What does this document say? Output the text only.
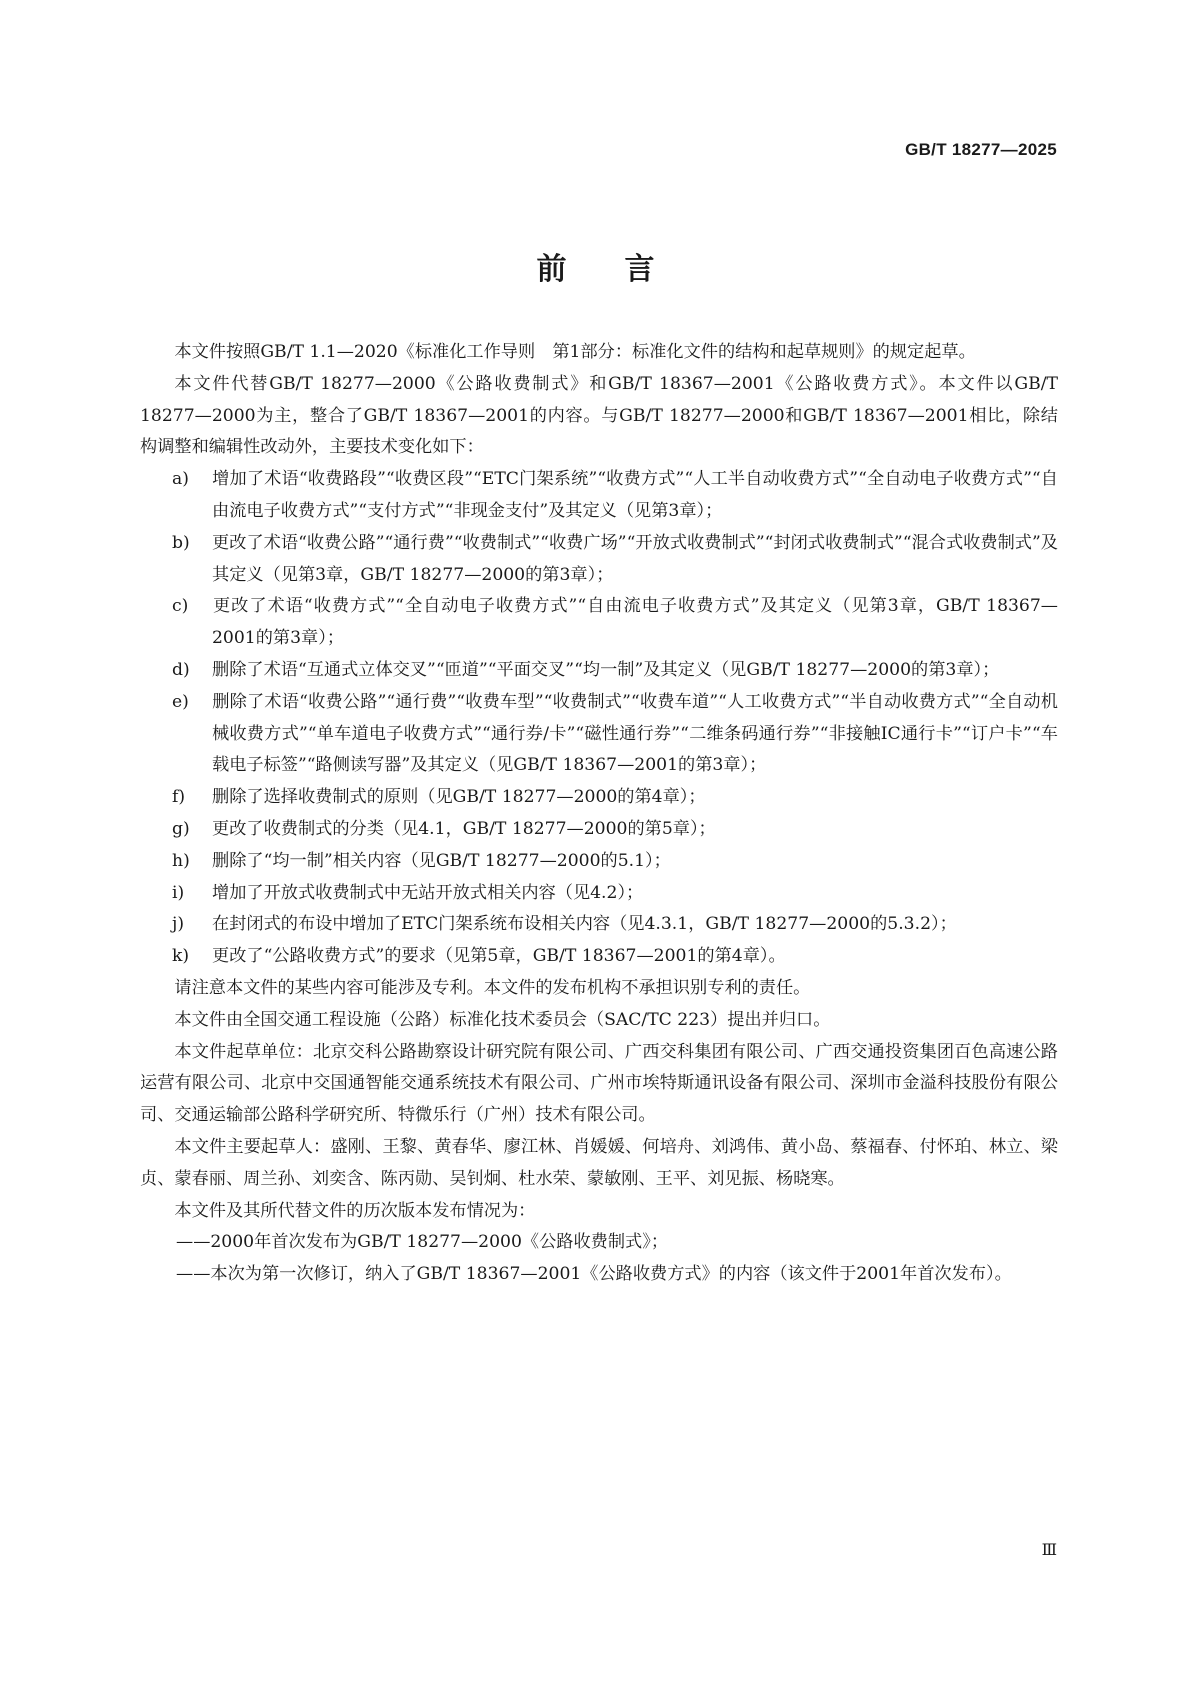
GB/T 18277—2025
前言

本文件按照GB/T 1.1—2020《标准化工作导则　第1部分：标准化文件的结构和起草规则》的规定起草。

本文件代替GB/T 18277—2000《公路收费制式》和GB/T 18367—2001《公路收费方式》。本文件以GB/T 18277—2000为主，整合了GB/T 18367—2001的内容。与GB/T 18277—2000和GB/T 18367—2001相比，除结构调整和编辑性改动外，主要技术变化如下：

a) 增加了术语“收费路段”“收费区段”“ETC门架系统”“收费方式”“人工半自动收费方式”“全自动电子收费方式”“自由流电子收费方式”“支付方式”“非现金支付”及其定义（见第3章）；

b) 更改了术语“收费公路”“通行费”“收费制式”“收费广场”“开放式收费制式”“封闭式收费制式”“混合式收费制式”及其定义（见第3章，GB/T 18277—2000的第3章）；

c) 更改了术语“收费方式”“全自动电子收费方式”“自由流电子收费方式”及其定义（见第3章，GB/T 18367—2001的第3章）；

d) 删除了术语“互通式立体交叉”“匝道”“平面交叉”“均一制”及其定义（见GB/T 18277—2000的第3章）；

e) 删除了术语“收费公路”“通行费”“收费车型”“收费制式”“收费车道”“人工收费方式”“半自动收费方式”“全自动机械收费方式”“单车道电子收费方式”“通行券/卡”“磁性通行券”“二维条码通行券”“非接触IC通行卡”“订户卡”“车载电子标签”“路侧读写器”及其定义（见GB/T 18367—2001的第3章）；

f) 删除了选择收费制式的原则（见GB/T 18277—2000的第4章）；

g) 更改了收费制式的分类（见4.1，GB/T 18277—2000的第5章）；

h) 删除了“均一制”相关内容（见GB/T 18277—2000的5.1）；

i) 增加了开放式收费制式中无站开放式相关内容（见4.2）；

j) 在封闭式的布设中增加了ETC门架系统布设相关内容（见4.3.1，GB/T 18277—2000的5.3.2）；

k) 更改了“公路收费方式”的要求（见第5章，GB/T 18367—2001的第4章）。

请注意本文件的某些内容可能涉及专利。本文件的发布机构不承担识别专利的责任。

本文件由全国交通工程设施（公路）标准化技术委员会（SAC/TC 223）提出并归口。

本文件起草单位：北京交科公路勘察设计研究院有限公司、广西交科集团有限公司、广西交通投资集团百色高速公路运营有限公司、北京中交国通智能交通系统技术有限公司、广州市埃特斯通讯设备有限公司、深圳市金溢科技股份有限公司、交通运输部公路科学研究所、特微乐行（广州）技术有限公司。

本文件主要起草人：盛刚、王黎、黄春华、廖江林、肖媛媛、何培舟、刘鸿伟、黄小岛、蔡福春、付怀珀、林立、梁贞、蒙春丽、周兰孙、刘奕含、陈丙勋、吴钊炯、杜水荣、蒙敏刚、王平、刘见振、杨晓寒。

本文件及其所代替文件的历次版本发布情况为：

——2000年首次发布为GB/T 18277—2000《公路收费制式》；

——本次为第一次修订，纳入了GB/T 18367—2001《公路收费方式》的内容（该文件于2001年首次发布）。

Ⅲ
